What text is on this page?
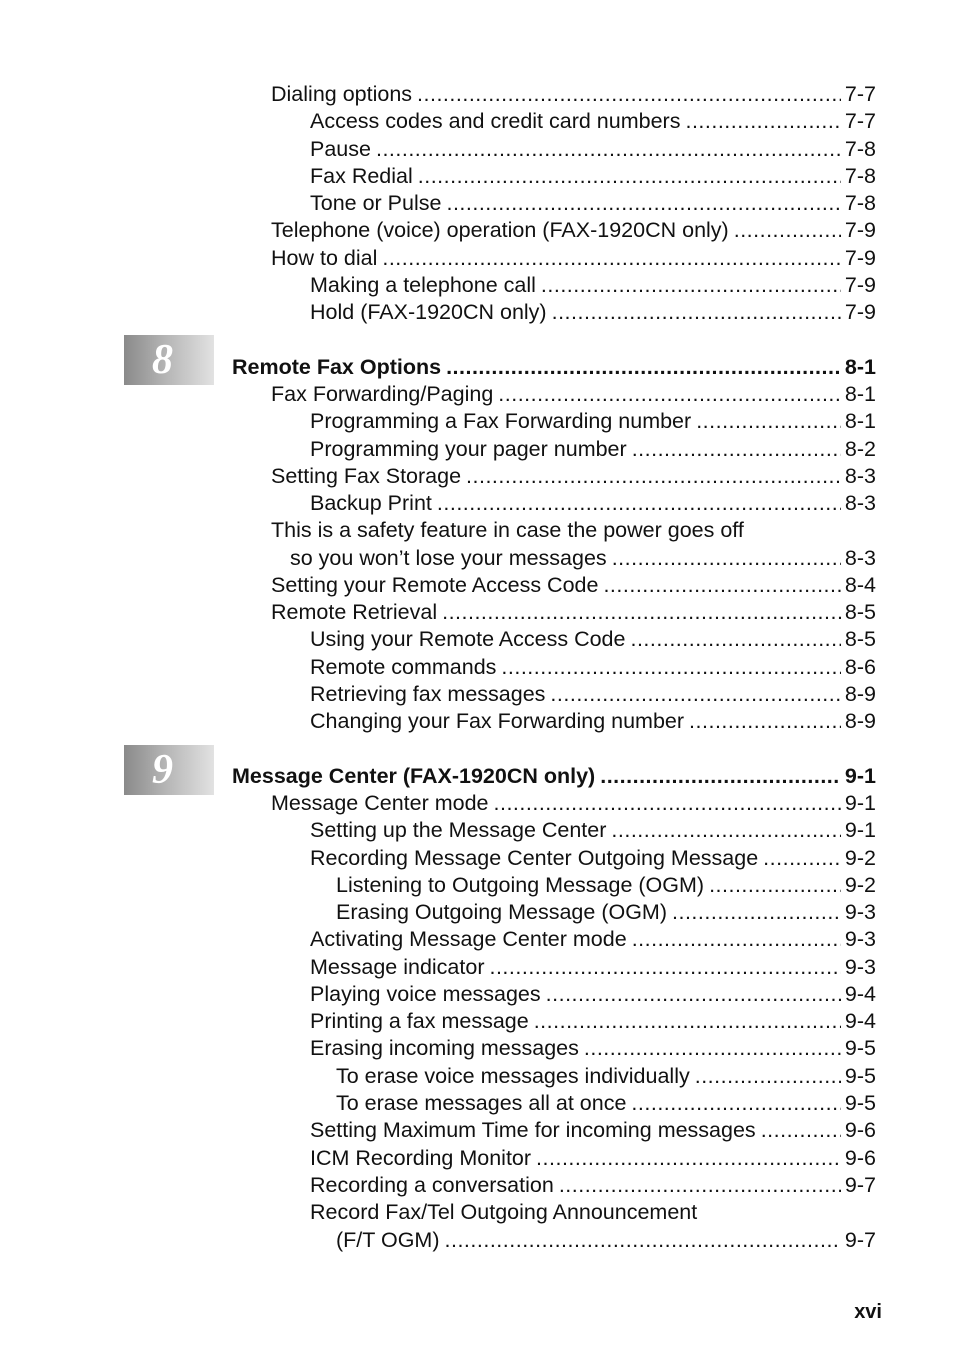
8
9
Dialing options .....	7-7
Access codes and credit card numbers .....	7-7
Pause .....	7-8
Fax Redial .....	7-8
Tone or Pulse .....	7-8
Telephone (voice) operation (FAX-1920CN only) .....	7-9
How to dial .....	7-9
Making a telephone call .....	7-9
Hold (FAX-1920CN only) .....	7-9
Remote Fax Options .....	8-1
Fax Forwarding/Paging .....	8-1
Programming a Fax Forwarding number .....	8-1
Programming your pager number .....	8-2
Setting Fax Storage .....	8-3
Backup Print .....	8-3
This is a safety feature in case the power goes off
so you won’t lose your messages .....	8-3
Setting your Remote Access Code .....	8-4
Remote Retrieval .....	8-5
Using your Remote Access Code .....	8-5
Remote commands .....	8-6
Retrieving fax messages .....	8-9
Changing your Fax Forwarding number .....	8-9
Message Center (FAX-1920CN only) .....	9-1
Message Center mode .....	9-1
Setting up the Message Center .....	9-1
Recording Message Center Outgoing Message .....	9-2
Listening to Outgoing Message (OGM) .....	9-2
Erasing Outgoing Message (OGM) .....	9-3
Activating Message Center mode .....	9-3
Message indicator .....	9-3
Playing voice messages .....	9-4
Printing a fax message .....	9-4
Erasing incoming messages .....	9-5
To erase voice messages individually .....	9-5
To erase messages all at once .....	9-5
Setting Maximum Time for incoming messages .....	9-6
ICM Recording Monitor .....	9-6
Recording a conversation .....	9-7
Record Fax/Tel Outgoing Announcement
(F/T OGM) .....	9-7
xvi
